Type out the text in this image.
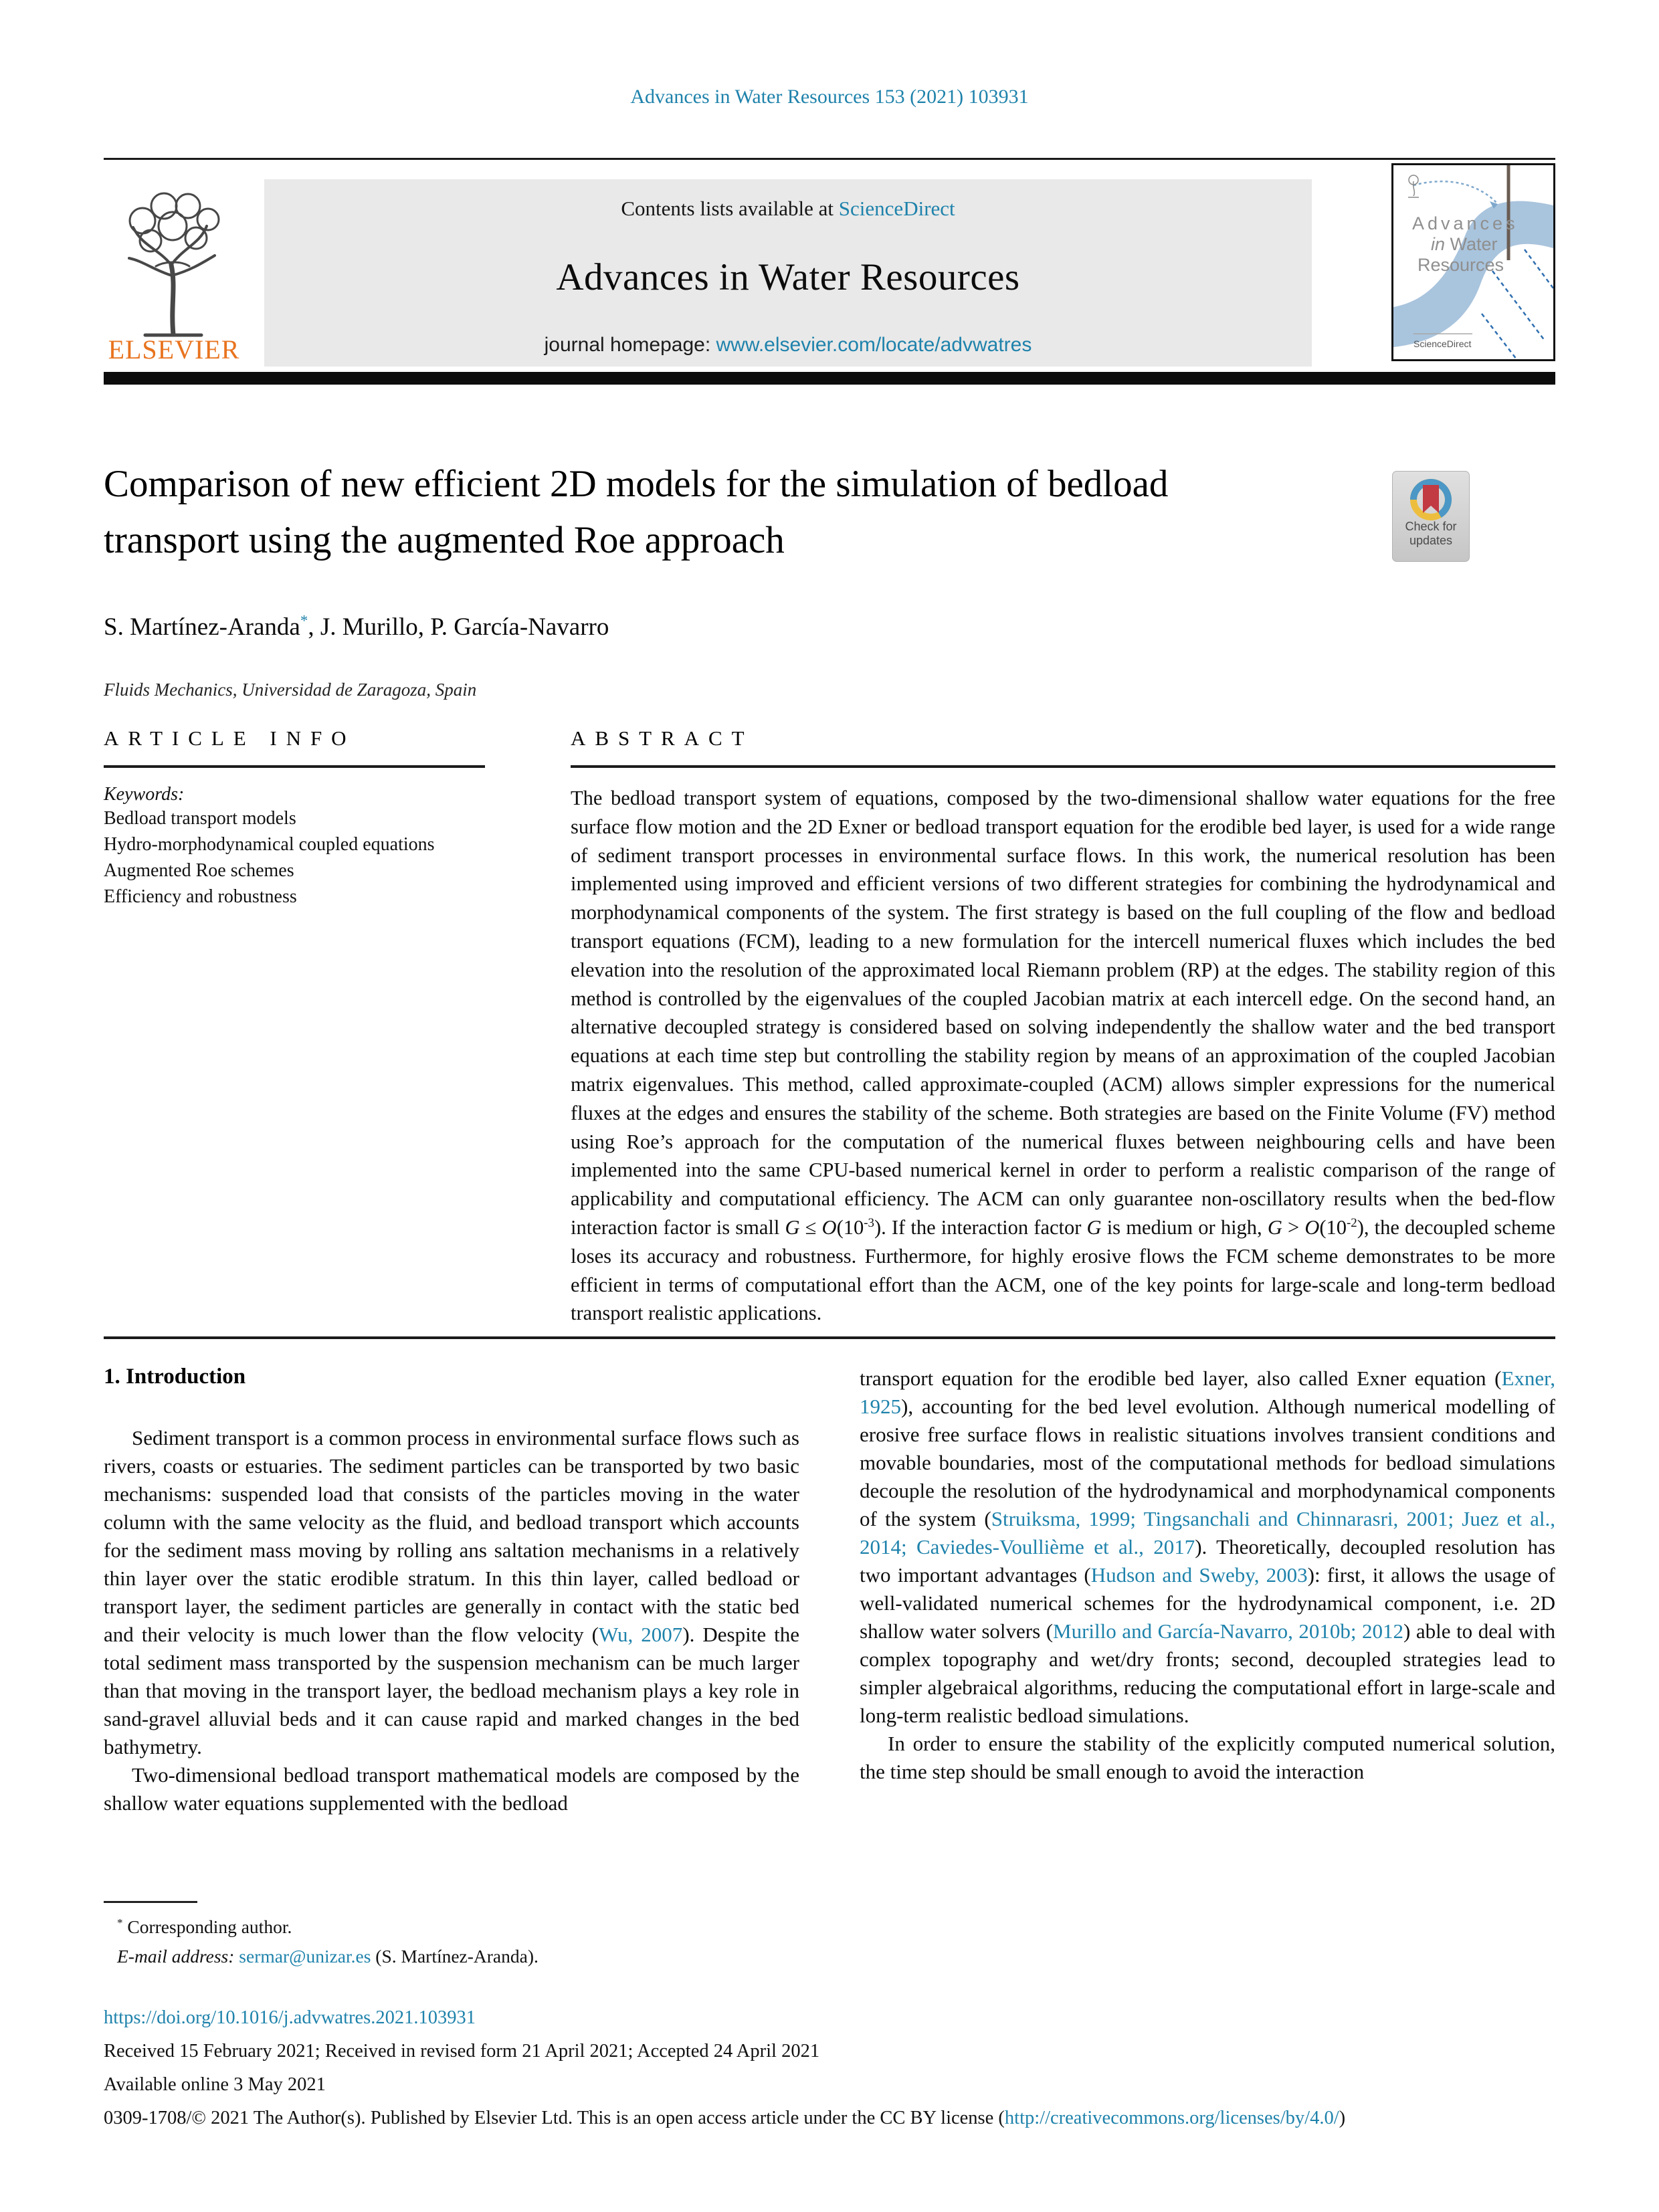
Advances in Water Resources 153 (2021) 103931
ELSEVIER
Contents lists available at ScienceDirect
Advances in Water Resources
journal homepage: www.elsevier.com/locate/advwatres
Advances
in Water
Resources
ScienceDirect
Comparison of new efficient 2D models for the simulation of bedload transport using the augmented Roe approach	Check for
updates
S. Martínez-Aranda*, J. Murillo, P. García-Navarro
Fluids Mechanics, Universidad de Zaragoza, Spain
ARTICLE INFO
Keywords:
Bedload transport models
Hydro-morphodynamical coupled equations
Augmented Roe schemes
Efficiency and robustness
ABSTRACT
The bedload transport system of equations, composed by the two-dimensional shallow water equations for the free surface flow motion and the 2D Exner or bedload transport equation for the erodible bed layer, is used for a wide range of sediment transport processes in environmental surface flows. In this work, the numerical resolution has been implemented using improved and efficient versions of two different strategies for combining the hydrodynamical and morphodynamical components of the system. The first strategy is based on the full coupling of the flow and bedload transport equations (FCM), leading to a new formulation for the intercell numerical fluxes which includes the bed elevation into the resolution of the approximated local Riemann problem (RP) at the edges. The stability region of this method is controlled by the eigenvalues of the coupled Jacobian matrix at each intercell edge. On the second hand, an alternative decoupled strategy is considered based on solving independently the shallow water and the bed transport equations at each time step but controlling the stability region by means of an approximation of the coupled Jacobian matrix eigenvalues. This method, called approximate-coupled (ACM) allows simpler expressions for the numerical fluxes at the edges and ensures the stability of the scheme. Both strategies are based on the Finite Volume (FV) method using Roe’s approach for the computation of the numerical fluxes between neighbouring cells and have been implemented into the same CPU-based numerical kernel in order to perform a realistic comparison of the range of applicability and computational efficiency. The ACM can only guarantee non-oscillatory results when the bed-flow interaction factor is small $G \le O(10^{-3})$. If the interaction factor G is medium or high, $G > O(10^{-2})$, the decoupled scheme loses its accuracy and robustness. Furthermore, for highly erosive flows the FCM scheme demonstrates to be more efficient in terms of computational effort than the ACM, one of the key points for large-scale and long-term bedload transport realistic applications.
1. Introduction

Sediment transport is a common process in environmental surface flows such as rivers, coasts or estuaries. The sediment particles can be transported by two basic mechanisms: suspended load that consists of the particles moving in the water column with the same velocity as the fluid, and bedload transport which accounts for the sediment mass moving by rolling ans saltation mechanisms in a relatively thin layer over the static erodible stratum. In this thin layer, called bedload or transport layer, the sediment particles are generally in contact with the static bed and their velocity is much lower than the flow velocity (Wu, 2007). Despite the total sediment mass transported by the suspension mechanism can be much larger than that moving in the transport layer, the bedload mechanism plays a key role in sand-gravel alluvial beds and it can cause rapid and marked changes in the bed bathymetry.

Two-dimensional bedload transport mathematical models are composed by the shallow water equations supplemented with the bedload

transport equation for the erodible bed layer, also called Exner equation (Exner, 1925), accounting for the bed level evolution. Although numerical modelling of erosive free surface flows in realistic situations involves transient conditions and movable boundaries, most of the computational methods for bedload simulations decouple the resolution of the hydrodynamical and morphodynamical components of the system (Struiksma, 1999; Tingsanchali and Chinnarasri, 2001; Juez et al., 2014; Caviedes-Voullième et al., 2017). Theoretically, decoupled resolution has two important advantages (Hudson and Sweby, 2003): first, it allows the usage of well-validated numerical schemes for the hydrodynamical component, i.e. 2D shallow water solvers (Murillo and García-Navarro, 2010b; 2012) able to deal with complex topography and wet/dry fronts; second, decoupled strategies lead to simpler algebraical algorithms, reducing the computational effort in large-scale and long-term realistic bedload simulations.

In order to ensure the stability of the explicitly computed numerical solution, the time step should be small enough to avoid the interaction

* Corresponding author.
E-mail address: sermar@unizar.es (S. Martínez-Aranda).
https://doi.org/10.1016/j.advwatres.2021.103931
Received 15 February 2021; Received in revised form 21 April 2021; Accepted 24 April 2021
Available online 3 May 2021
0309-1708/© 2021 The Author(s). Published by Elsevier Ltd. This is an open access article under the CC BY license (http://creativecommons.org/licenses/by/4.0/)
